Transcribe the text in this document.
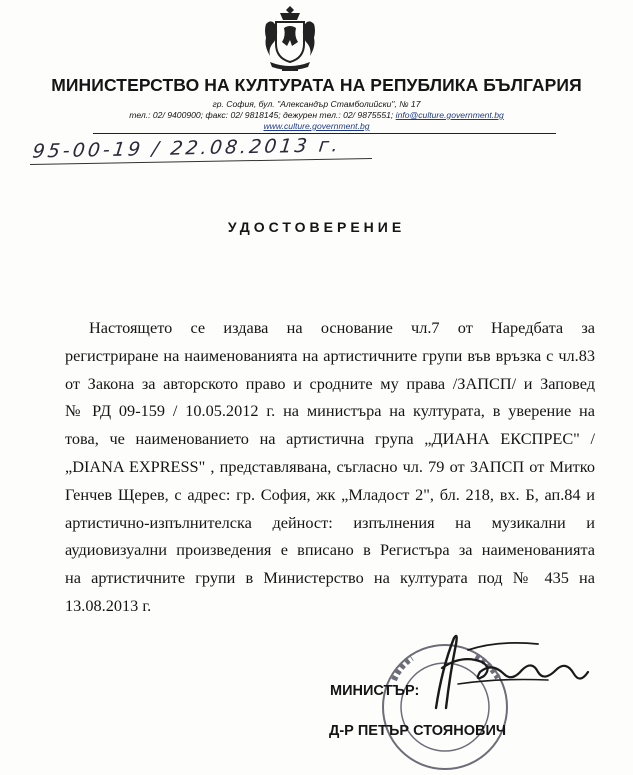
МИНИСТЕРСТВО НА КУЛТУРАТА НА РЕПУБЛИКА БЪЛГАРИЯ
гр. София, бул. "Александър Стамболийски", № 17
тел.: 02/ 9400900; факс: 02/ 9818145; дежурен тел.: 02/ 9875551; info@culture.government.bg
www.culture.government.bg
95-00-19 / 22.08.2013 г.
УДОСТОВЕРЕНИЕ
Настоящето се издава на основание чл.7 от Наредбата за
регистриране на наименованията на артистичните групи във връзка с чл.83
от Закона за авторското право и сродните му права /ЗАПСП/ и Заповед
№ РД 09-159 / 10.05.2012 г. на министъра на културата, в уверение на
това, че наименованието на артистична група „ДИАНА ЕКСПРЕС" /
„DIANA EXPRESS" , представлявана, съгласно чл. 79 от ЗАПСП от Митко
Генчев Щерев, с адрес: гр. София, жк „Младост 2", бл. 218, вх. Б, ап.84 и
артистично-изпълнителска дейност: изпълнения на музикални и
аудиовизуални произведения е вписано в Регистъра за наименованията
на артистичните групи в Министерство на културата под № 435 на
13.08.2013 г.
МИНИСТЪР:
Д-Р ПЕТЪР СТОЯНОВИЧ
